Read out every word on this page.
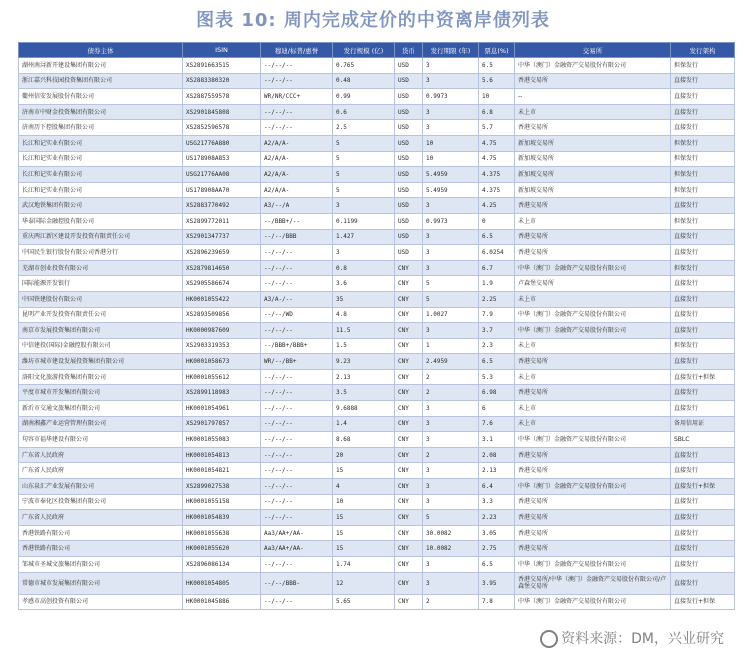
图表 10: 周内完成定价的中资离岸债列表
债券主体	ISIN	穆迪/标普/惠誉	发行规模 (亿)	货币	发行期限 (年)	票息(%)	交易所	发行架构
湖州南浔新开建设集团有限公司	XS2891663515	--/--/--	0.765	USD	3	6.5	中华（澳门）金融资产交易股份有限公司	担保发行
浙江嘉兴科技园投资集团有限公司	XS2883380320	--/--/--	0.48	USD	3	5.6	香港交易所	直接发行
衢州信安发展股份有限公司	XS2887559578	WR/NR/CCC+	0.99	USD	0.9973	10	--	直接发行
济南市中财金投资集团有限公司	XS2901845808	--/--/--	0.6	USD	3	6.8	未上市	直接发行
济南历下控股集团有限公司	XS2852596578	--/--/--	2.5	USD	3	5.7	香港交易所	直接发行
长江和记实业有限公司	USG21776A880	A2/A/A-	5	USD	10	4.75	新加坡交易所	担保发行
长江和记实业有限公司	US178908A853	A2/A/A-	5	USD	10	4.75	新加坡交易所	担保发行
长江和记实业有限公司	USG21776AA08	A2/A/A-	5	USD	5.4959	4.375	新加坡交易所	担保发行
长江和记实业有限公司	US178908AA70	A2/A/A-	5	USD	5.4959	4.375	新加坡交易所	担保发行
武汉地铁集团有限公司	XS2883770492	A3/--/A	3	USD	3	4.25	香港交易所	直接发行
华泰国际金融控股有限公司	XS2899772011	--/BBB+/--	0.1199	USD	0.9973	0	未上市	担保发行
重庆两江新区建设开发投资有限责任公司	XS2901347737	--/--/BBB	1.427	USD	3	6.5	香港交易所	直接发行
中国民生银行股份有限公司香港分行	XS2896239659	--/--/--	3	USD	3	6.0254	香港交易所	直接发行
芜湖市创业投资有限公司	XS2879814650	--/--/--	0.8	CNY	3	6.7	中华（澳门）金融资产交易股份有限公司	担保发行
国际能源开发银行	XS2905586674	--/--/--	3.6	CNY	5	1.9	卢森堡交易所	直接发行
中国铁建股份有限公司	HK0001055422	A3/A-/--	35	CNY	5	2.25	未上市	直接发行
昆明产业开发投资有限责任公司	XS2893509856	--/--/WD	4.8	CNY	1.0027	7.9	中华（澳门）金融资产交易股份有限公司	直接发行
南京市发展投资集团有限公司	HK0000987609	--/--/--	11.5	CNY	3	3.7	中华（澳门）金融资产交易股份有限公司	直接发行
中信建投(国际)金融控股有限公司	XS2903319353	--/BBB+/BBB+	1.5	CNY	1	2.3	未上市	担保发行
潍坊市城市建设发展投资集团有限公司	HK0001058673	WR/--/BB+	9.23	CNY	2.4959	6.5	香港交易所	直接发行
洛阳文化旅游投资集团有限公司	HK0001055612	--/--/--	2.13	CNY	2	5.3	未上市	直接发行+担保
平度市城市开发集团有限公司	XS2899118983	--/--/--	3.5	CNY	2	6.98	香港交易所	直接发行
新沂市交通文旅集团有限公司	HK0001054961	--/--/--	9.6888	CNY	3	6	未上市	直接发行
湖南湘鑫产业运营管理有限公司	XS2901797857	--/--/--	1.4	CNY	3	7.6	未上市	备用信用证
句容市福华建设有限公司	HK0001055083	--/--/--	8.68	CNY	3	3.1	中华（澳门）金融资产交易股份有限公司	SBLC
广东省人民政府	HK0001054813	--/--/--	20	CNY	2	2.08	香港交易所	直接发行
广东省人民政府	HK0001054821	--/--/--	15	CNY	3	2.13	香港交易所	直接发行
山东泉汇产业发展有限公司	XS2899027538	--/--/--	4	CNY	3	6.4	中华（澳门）金融资产交易股份有限公司	直接发行+担保
宁波市奉化区投资集团有限公司	HK0001055158	--/--/--	10	CNY	3	3.3	香港交易所	直接发行
广东省人民政府	HK0001054839	--/--/--	15	CNY	5	2.23	香港交易所	直接发行
香港铁路有限公司	HK0001055638	Aa3/AA+/AA-	15	CNY	30.0082	3.05	香港交易所	直接发行
香港铁路有限公司	HK0001055620	Aa3/AA+/AA-	15	CNY	10.0082	2.75	香港交易所	直接发行
邹城市圣城文旅集团有限公司	XS2896086134	--/--/--	1.74	CNY	3	6.5	中华（澳门）金融资产交易股份有限公司	直接发行
常德市城市发展集团有限公司	HK0001054805	--/--/BBB-	12	CNY	3	3.95	香港交易所/中华（澳门）金融资产交易股份有限公司/卢森堡交易所	直接发行
孝感市高创投资有限公司	HK0001045886	--/--/--	5.65	CNY	2	7.8	中华（澳门）金融资产交易股份有限公司	直接发行+担保
资料来源：DM，兴业研究
